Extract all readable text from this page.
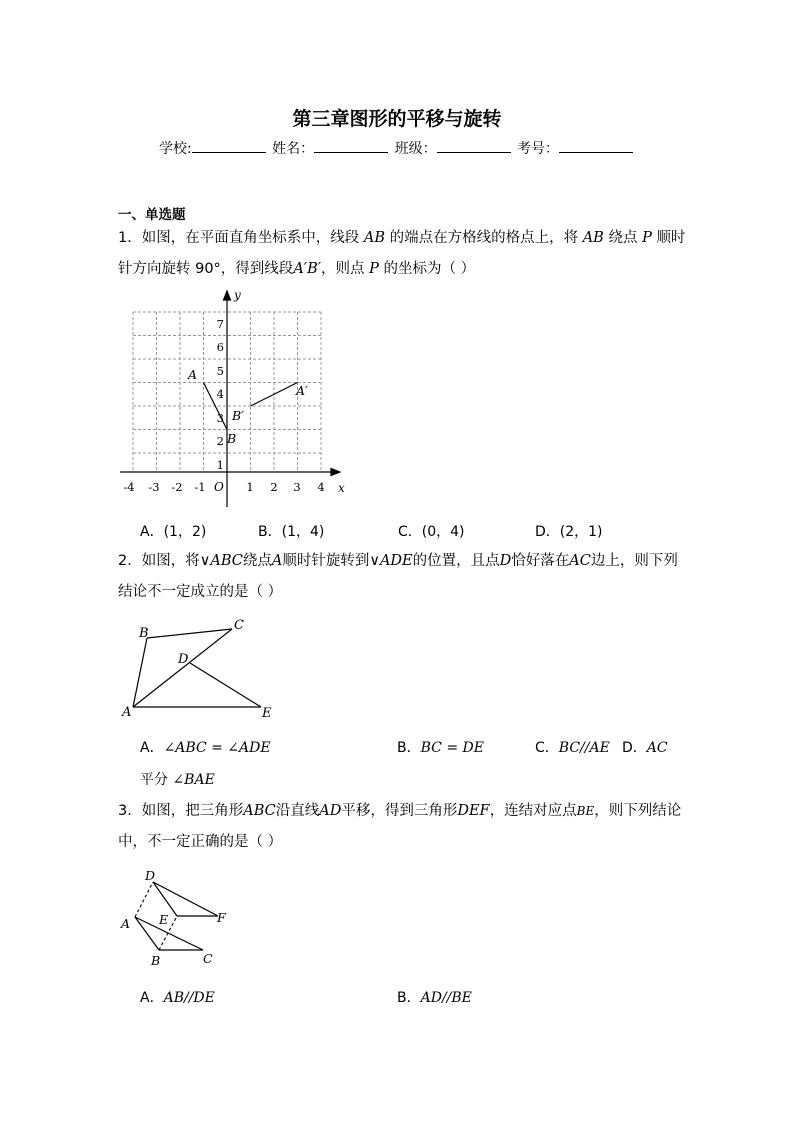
第三章图形的平移与旋转
学校:	姓名：	班级：	考号：
一、单选题
1．如图，在平面直角坐标系中，线段 AB 的端点在方格线的格点上，将 AB 绕点 P 顺时
针方向旋转 90°，得到线段A′B′，则点 P 的坐标为（ ）
y
x
O
-4 -3 -2 -1	1 2 3 4
1
2
3
4
5
6
7
A
B
A′
B′
A．(1，2)	B．(1，4)	C．(0，4)	D．(2，1)
2．如图，将∨ABC绕点A顺时针旋转到∨ADE的位置，且点D恰好落在AC边上，则下列
结论不一定成立的是（ ）
A
B
C
D
E
A．∠ABC = ∠ADE	B．BC = DE	C．BC//AE D．AC
平分 ∠BAE
3．如图，把三角形ABC沿直线AD平移，得到三角形DEF，连结对应点BE，则下列结论
中，不一定正确的是（ ）
D
A E	F
B	C
A．AB//DE	B．AD//BE
